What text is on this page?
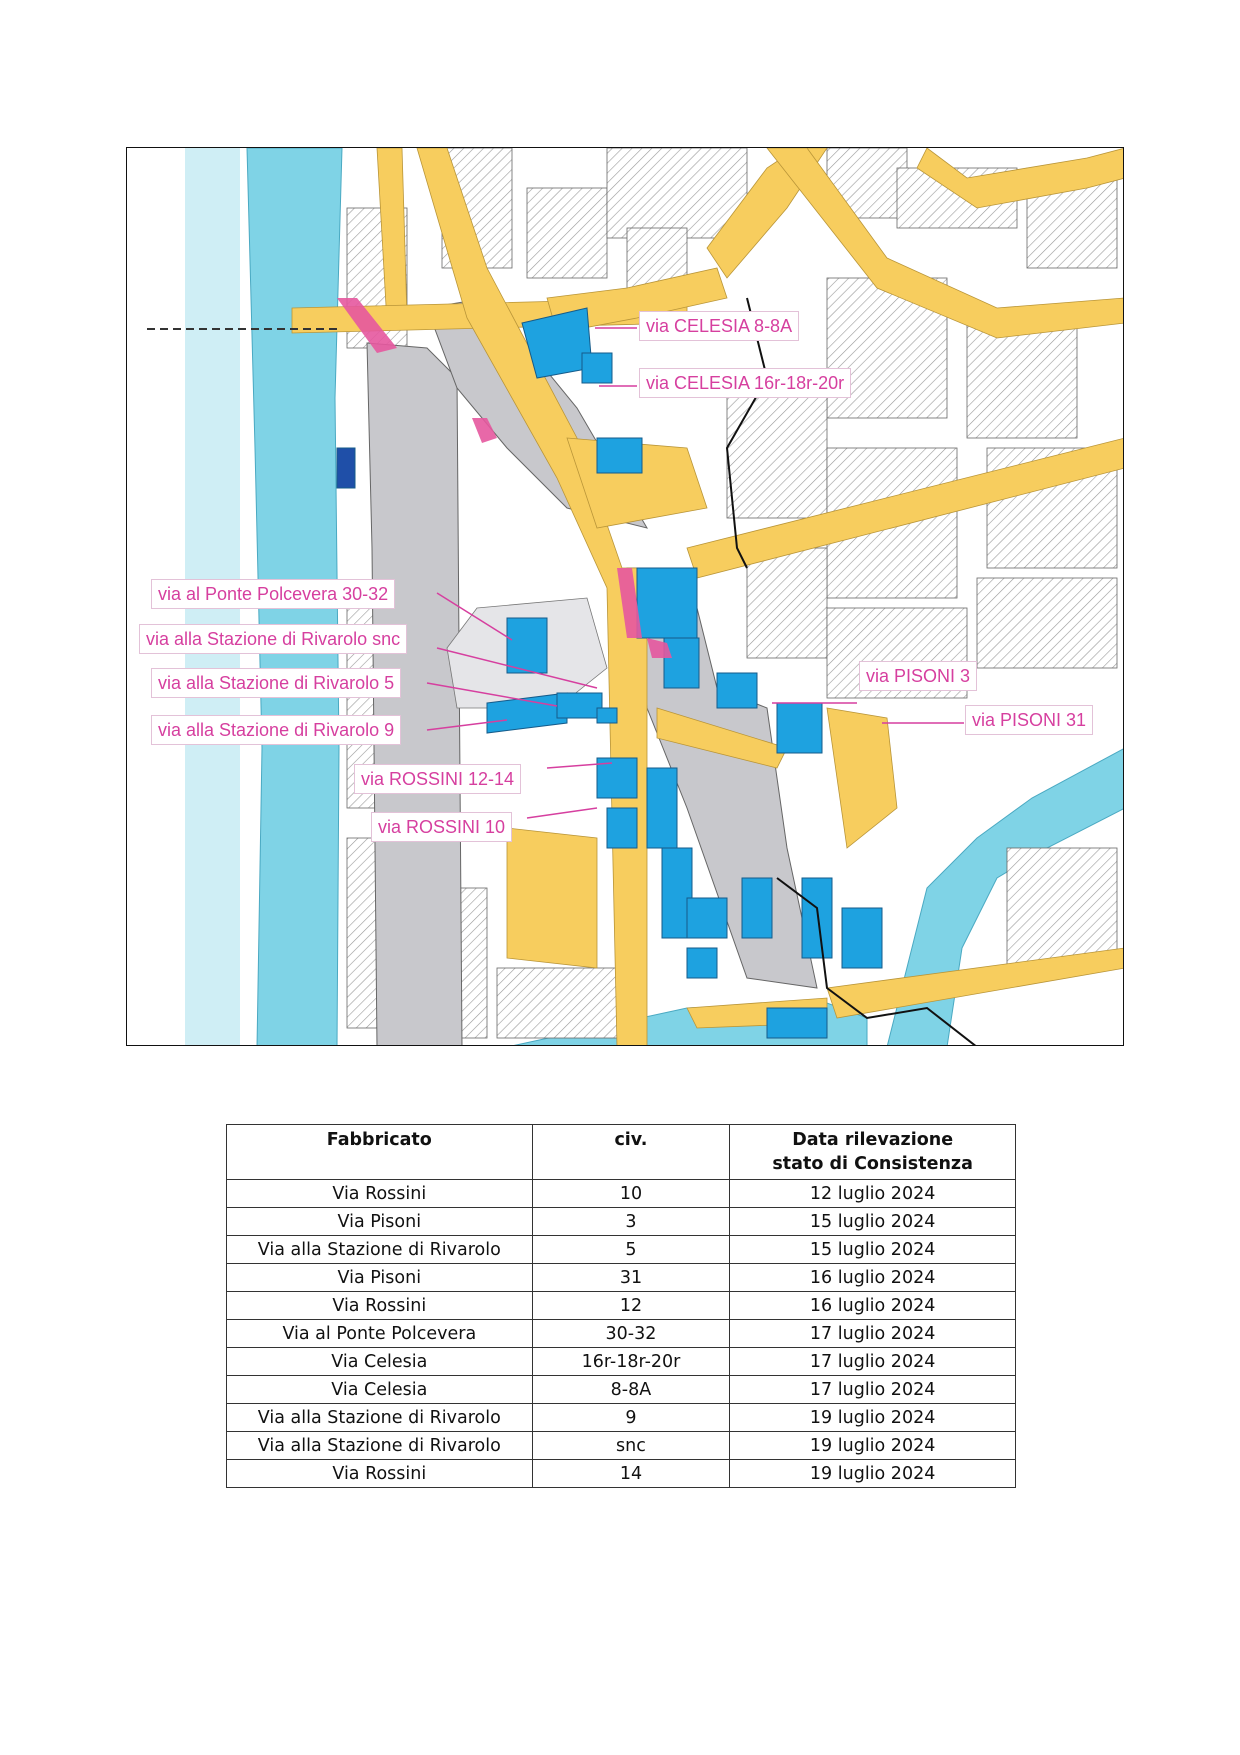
via CELESIA 8-8A
via CELESIA 16r-18r-20r
via al Ponte Polcevera 30-32
via alla Stazione di Rivarolo snc
via alla Stazione di Rivarolo 5
via alla Stazione di Rivarolo 9
via ROSSINI 12-14
via ROSSINI 10
via PISONI 3
via PISONI 31
Fabbricato	civ.	Data rilevazione
stato di Consistenza
Via Rossini	10	12 luglio 2024
Via Pisoni	3	15 luglio 2024
Via alla Stazione di Rivarolo	5	15 luglio 2024
Via Pisoni	31	16 luglio 2024
Via Rossini	12	16 luglio 2024
Via al Ponte Polcevera	30-32	17 luglio 2024
Via Celesia	16r-18r-20r	17 luglio 2024
Via Celesia	8-8A	17 luglio 2024
Via alla Stazione di Rivarolo	9	19 luglio 2024
Via alla Stazione di Rivarolo	snc	19 luglio 2024
Via Rossini	14	19 luglio 2024
